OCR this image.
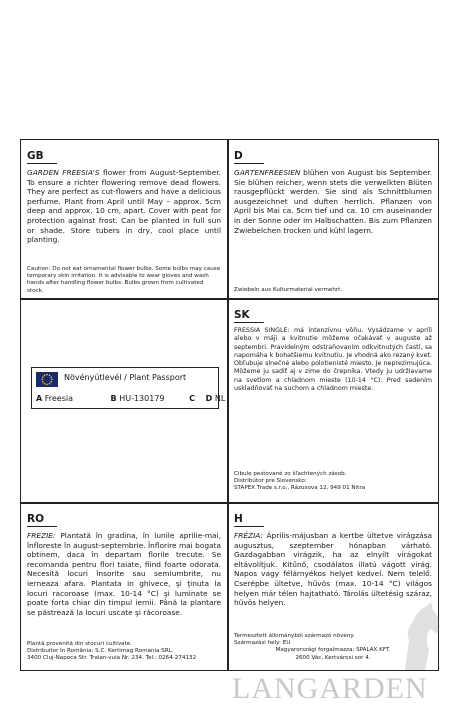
GB
GARDEN FREESIA'S flower from August-September. To ensure a richter flowering remove dead flowers. They are perfect as cut-flowers and have a delicious perfume. Plant from April until May – approx. 5cm deep and approx. 10 cm, apart. Cover with peat for protection against frost. Can be planted in full sun or shade. Store tubers in dry, cool place until planting.
Caution: Do not eat ornamental flower bulbs. Some bulbs may cause temporary skin irritation. It is advisable to wear gloves and wash hands after handling flower bulbs. Bulbs grown from cultivated stock.
D
GARTENFREESIEN blühen von August bis September. Sie blühen reicher, wenn stets die verwelkten Blüten rausgepflückt werden. Sie sind als Schnittblumen ausgezeichnet und duften herrlich. Pflanzen von April bis Mai ca. 5cm tief und ca. 10 cm auseinander in der Sonne oder im Halbschatten. Bis zum Pflanzen Zwiebelchen trocken und kühl lagern.
Zwiebeln aus Kulturmaterial vermehrt.
Növényútlevél / Plant Passport
A Freesia	B HU-130179	C D NL
SK
FRESSIA SINGLE: má intenzívnu vôňu. Vysádzame v apríli alebo v máji a kvitnutie môžeme očakávať v auguste až septembri. Pravidelným odstraňovaním odkvitnutých častí, sa napomáha k bohatšiemu kvitnutiu. Je vhodná ako rezaný kvet. Obľubuje slnečné alebo polotienisté miesto. Je neprezimujúca. Môžeme ju sadiť aj v zime do črepníka. Vtedy ju udržiavame na svetlom a chladnom mieste (10-14 °C). Pred sadením uskladňovať na suchom a chladnom mieste.
Cibule pestované zo šľachtených zásob.
Distribútor pre Slovensko:
STAPEX Trade s.r.o., Rázusova 12, 949 01 Nitra
RO
FREZIE: Plantată în gradina, în lunile aprilie-mai, înfloreste în august-septembrie. Înflorire mai bogata obtinem, daca în departam florile trecute. Se recomanda pentru flori taiate, fiind foarte odorata. Necesită locuri însorite sau semiumbrite, nu ierneaza afara. Plantata in ghivece, şi ţinuta la locuri racoroase (max. 10-14 °C) şi luminate se poate forta chiar din timpul iernii. Până la plantare se păstrează la locuri uscate şi răcoroase.
Plantă provenită din stocuri cultivate.
Distribuitor în România: S.C. Kertimag Romania SRL.
3400 Cluj-Napoca Str. Traian-vuia Nr. 234. Tel.: 0264-274132
H
FRÉZIA: Április-májusban a kertbe ültetve virágzása augusztus, szeptember hónapban várható. Gazdagabban virágzik, ha az elnyílt virágokat eltávolítjuk. Kitűnő, csodálatos illatú vágott virág. Napos vagy félárnyékos helyet kedvel. Nem telelő. Cserépbe ültetve, hűvös (max. 10-14 °C) világos helyen már télen hajtatható. Tárolás ültetésig száraz, hűvös helyen.
Termesztett állományból származó növény.
Származási hely: EU
Magyarországi forgalmazza: SPALAX KFT.
2600 Vác, Kertvárosi sor 4.
LANGARDEN
